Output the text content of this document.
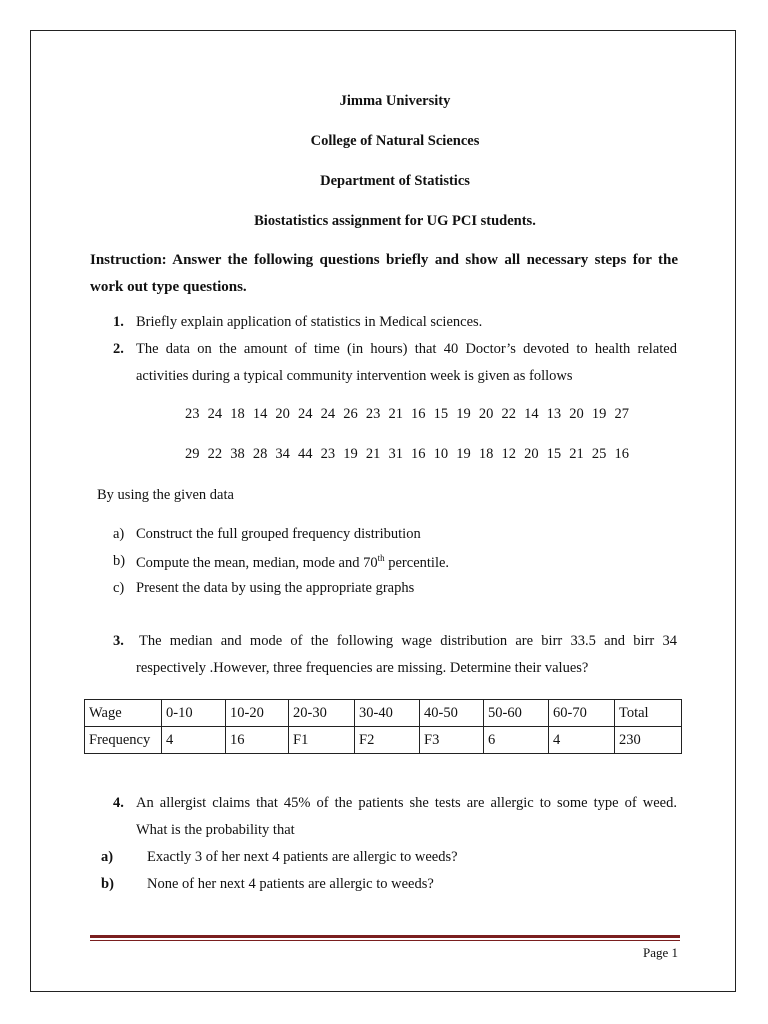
Jimma University
College of Natural Sciences
Department of Statistics
Biostatistics assignment for UG PCI students.
Instruction: Answer the following questions briefly and show all necessary steps for the
work out type questions.
1. Briefly explain application of statistics in Medical sciences.
2. The data on the amount of time (in hours) that 40 Doctor’s devoted to health related
activities during a typical community intervention week is given as follows
23 24 18 14 20 24 24 26 23 21 16 15 19 20 22 14 13 20 19 27
29 22 38 28 34 44 23 19 21 31 16 10 19 18 12 20 15 21 25 16
By using the given data
a) Construct the full grouped frequency distribution
b) Compute the mean, median, mode and 70th percentile.
c) Present the data by using the appropriate graphs
3. The median and mode of the following wage distribution are birr 33.5 and birr 34
respectively .However, three frequencies are missing. Determine their values?
Wage	0-10	10-20	20-30	30-40	40-50	50-60	60-70	Total
Frequency	4	16	F1	F2	F3	6	4	230
4. An allergist claims that 45% of the patients she tests are allergic to some type of weed.
What is the probability that
a) Exactly 3 of her next 4 patients are allergic to weeds?
b) None of her next 4 patients are allergic to weeds?
Page 1
